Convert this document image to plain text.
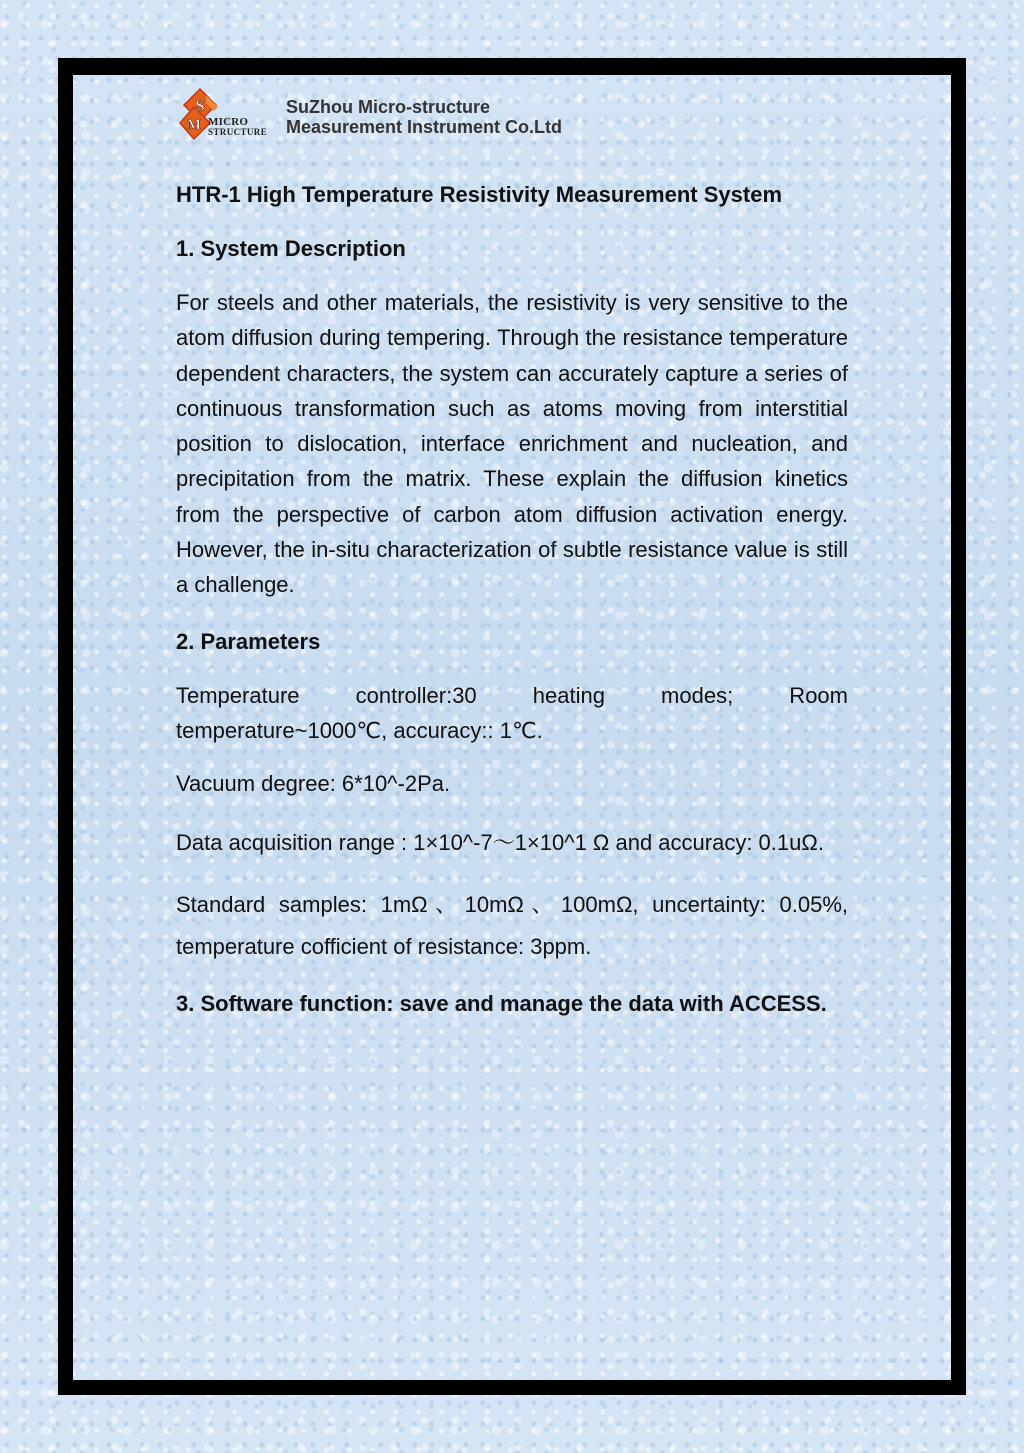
S
M MICRO
STRUCTURE
SuZhou Micro-structure
Measurement Instrument Co.Ltd
HTR-1 High Temperature Resistivity Measurement System
1. System Description

For steels and other materials, the resistivity is very sensitive to the atom diffusion during tempering. Through the resistance temperature dependent characters, the system can accurately capture a series of continuous transformation such as atoms moving from interstitial position to dislocation, interface enrichment and nucleation, and precipitation from the matrix. These explain the diffusion kinetics from the perspective of carbon atom diffusion activation energy. However, the in-situ characterization of subtle resistance value is still a challenge.

2. Parameters

Temperature controller:30 heating modes; Room temperature~1000℃, accuracy:: 1℃.

Vacuum degree: 6*10^-2Pa.

Data acquisition range : 1×10^-7～1×10^1 Ω and accuracy: 0.1uΩ.

Standard samples: 1mΩ、10mΩ、100mΩ, uncertainty: 0.05%, temperature cofficient of resistance: 3ppm.

3. Software function: save and manage the data with ACCESS.
